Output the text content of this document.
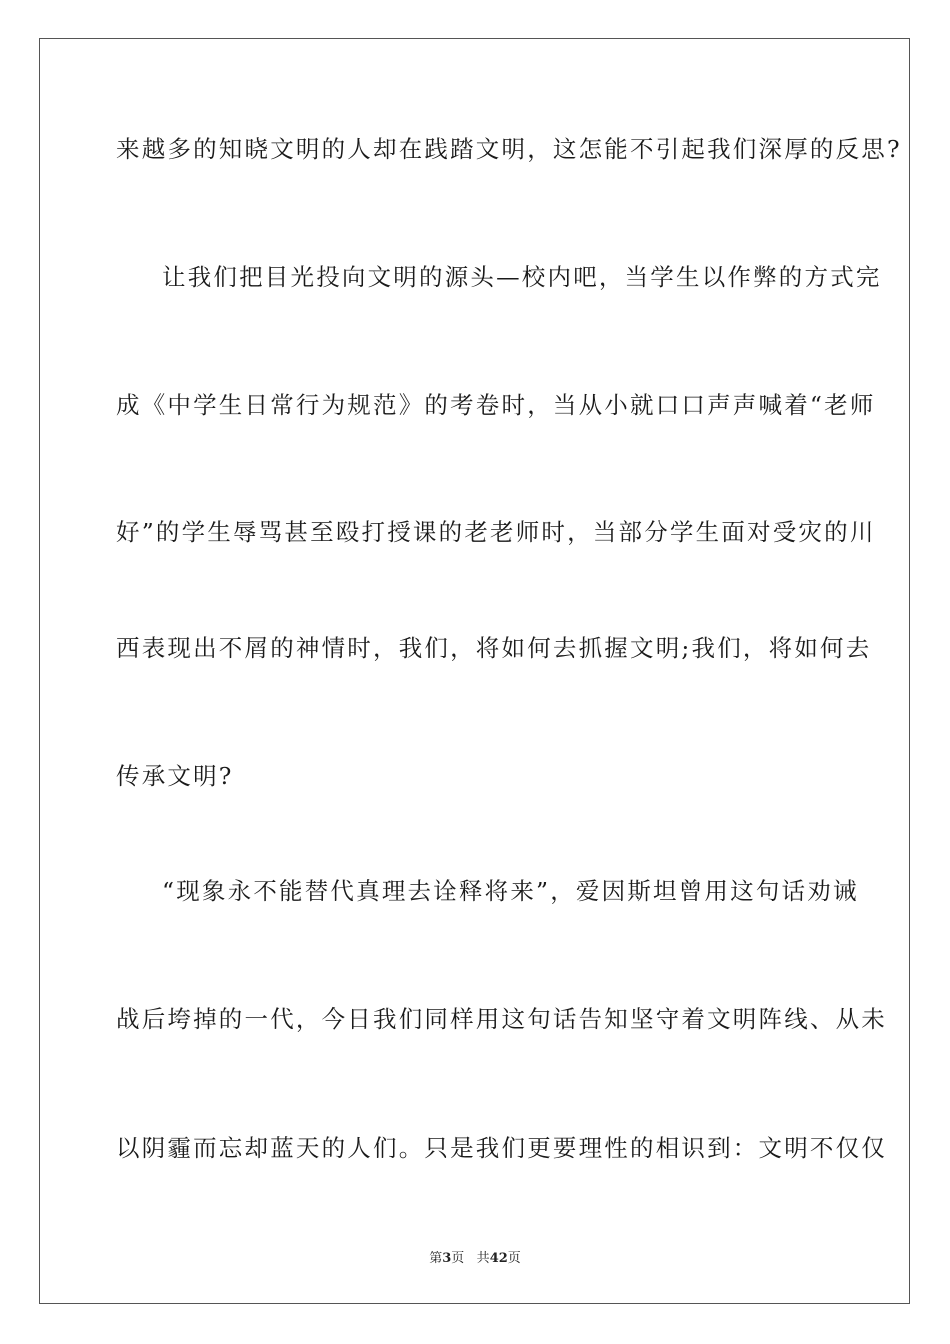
来越多的知晓文明的人却在践踏文明，这怎能不引起我们深厚的反思?
让我们把目光投向文明的源头—校内吧，当学生以作弊的方式完
成《中学生日常行为规范》的考卷时，当从小就口口声声喊着“老师
好”的学生辱骂甚至殴打授课的老老师时，当部分学生面对受灾的川
西表现出不屑的神情时，我们，将如何去抓握文明;我们，将如何去
传承文明?
“现象永不能替代真理去诠释将来”，爱因斯坦曾用这句话劝诫
战后垮掉的一代，今日我们同样用这句话告知坚守着文明阵线、从未
以阴霾而忘却蓝天的人们。只是我们更要理性的相识到：文明不仅仅
第3页 共42页
